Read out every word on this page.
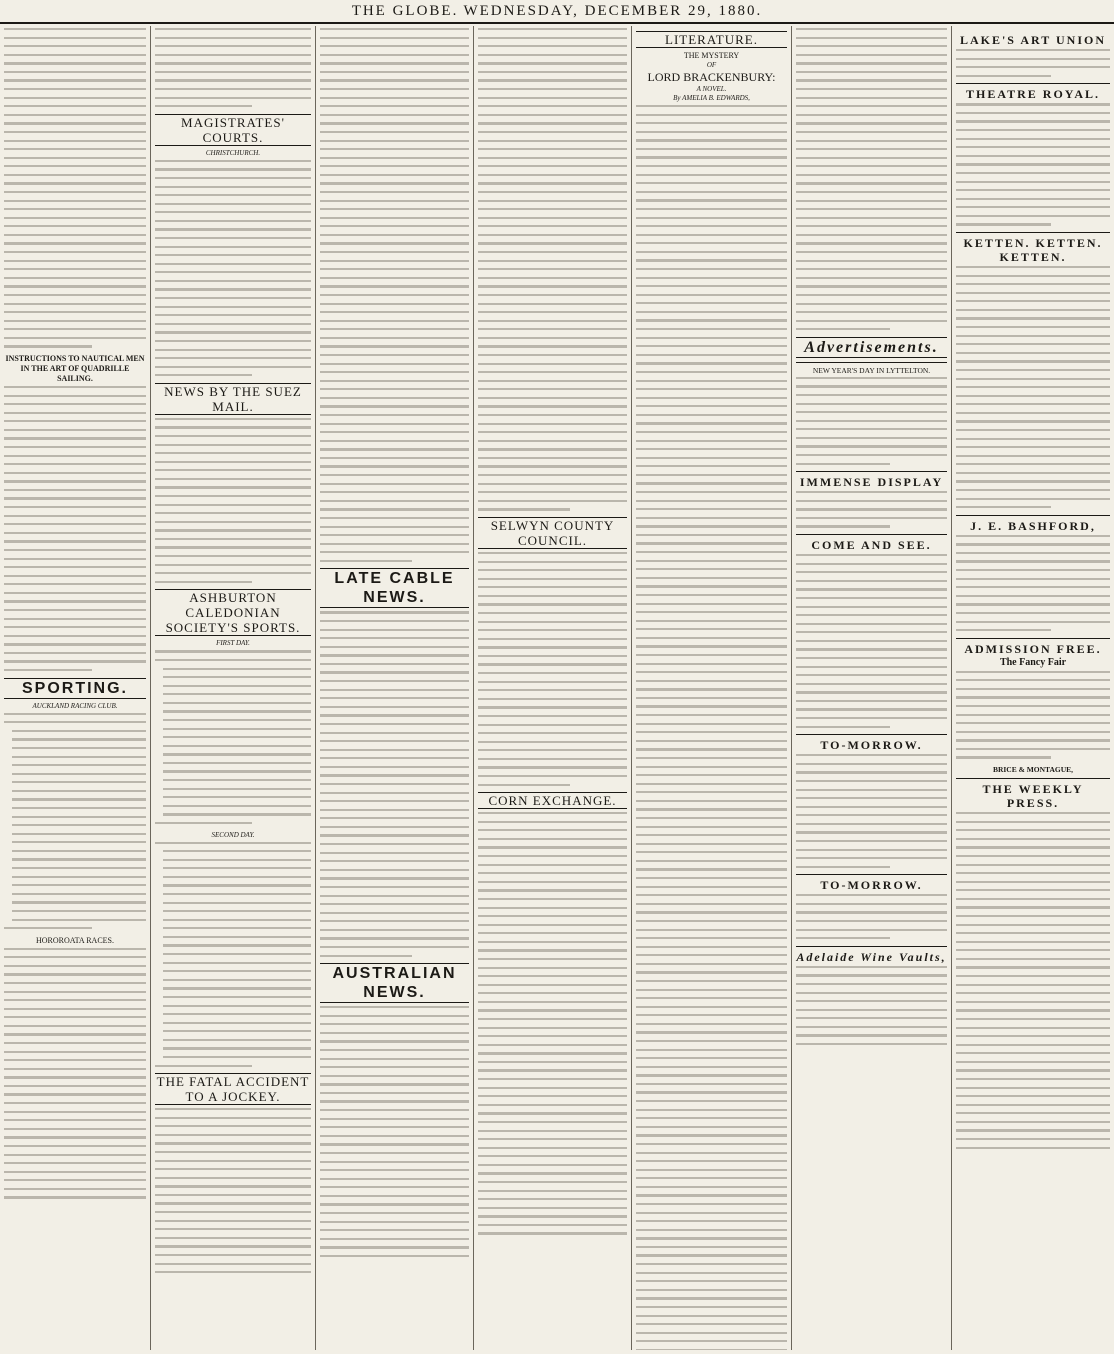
THE GLOBE. WEDNESDAY, DECEMBER 29, 1880.
INSTRUCTIONS TO NAUTICAL MEN
IN THE ART OF QUADRILLE SAILING.
SPORTING.
AUCKLAND RACING CLUB.
HOROROATA RACES.
MAGISTRATES' COURTS.
CHRISTCHURCH.
NEWS BY THE SUEZ MAIL.
ASHBURTON CALEDONIAN SOCIETY'S SPORTS.
FIRST DAY.
SECOND DAY.
THE FATAL ACCIDENT TO A JOCKEY.
LATE CABLE NEWS.
AUSTRALIAN NEWS.
SELWYN COUNTY COUNCIL.
CORN EXCHANGE.
LITERATURE.
THE MYSTERY
OF
LORD BRACKENBURY:
A NOVEL.
By AMELIA B. EDWARDS,
Advertisements.
NEW YEAR'S DAY IN LYTTELTON.
IMMENSE DISPLAY
COME AND SEE.
TO-MORROW.
TO-MORROW.
Adelaide Wine Vaults,
LAKE'S ART UNION
THEATRE ROYAL.
KETTEN. KETTEN. KETTEN.
J. E. BASHFORD,
ADMISSION FREE.
The Fancy Fair
BRICE & MONTAGUE,
THE WEEKLY PRESS.
